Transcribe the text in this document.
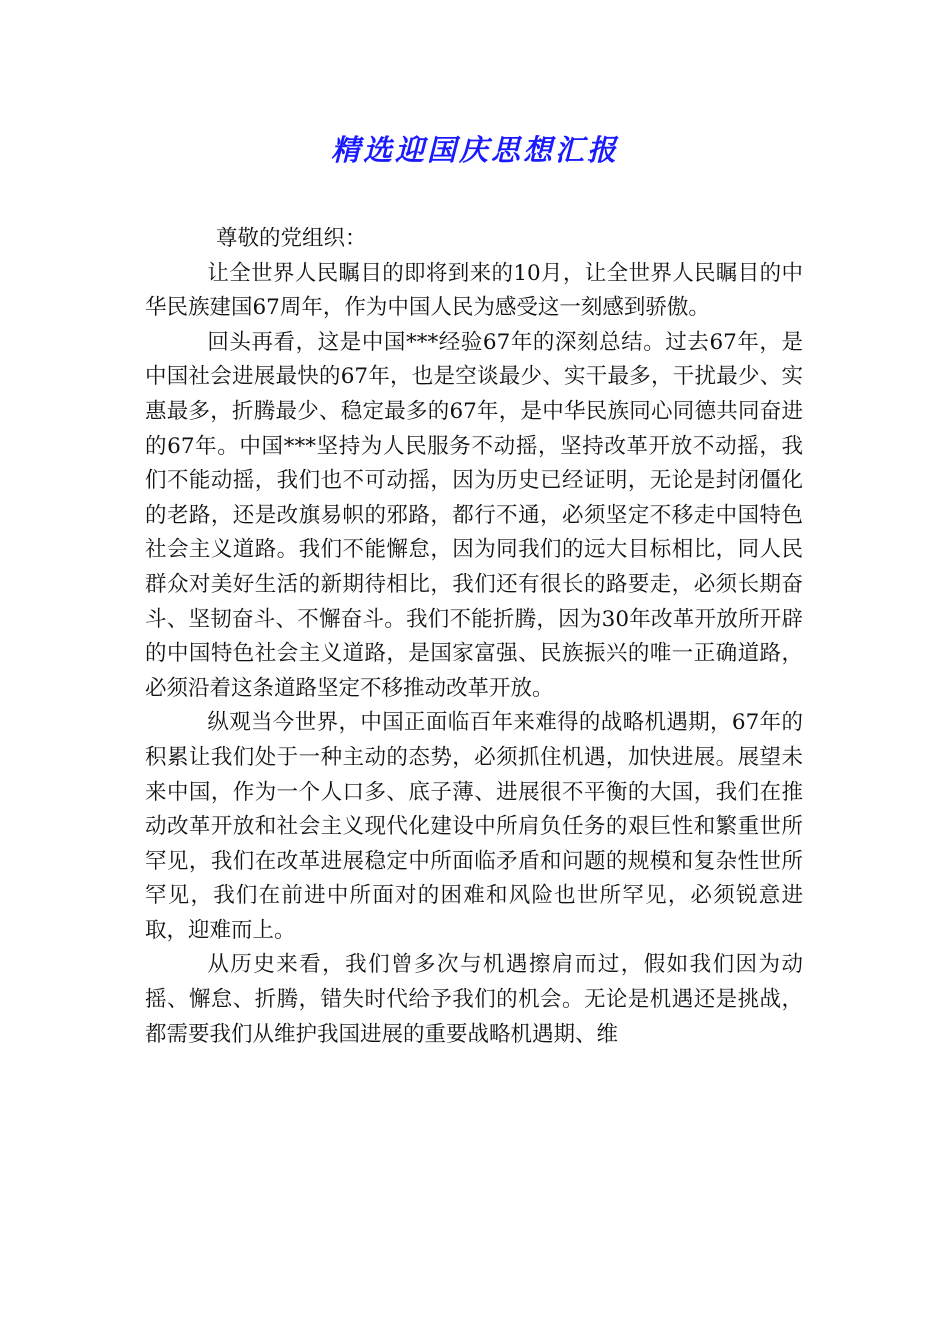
精选迎国庆思想汇报

尊敬的党组织：

让全世界人民瞩目的即将到来的10月，让全世界人民瞩目的中华民族建国67周年，作为中国人民为感受这一刻感到骄傲。

回头再看，这是中国***经验67年的深刻总结。过去67年，是中国社会进展最快的67年，也是空谈最少、实干最多，干扰最少、实惠最多，折腾最少、稳定最多的67年，是中华民族同心同德共同奋进的67年。中国***坚持为人民服务不动摇，坚持改革开放不动摇，我们不能动摇，我们也不可动摇，因为历史已经证明，无论是封闭僵化的老路，还是改旗易帜的邪路，都行不通，必须坚定不移走中国特色社会主义道路。我们不能懈怠，因为同我们的远大目标相比，同人民群众对美好生活的新期待相比，我们还有很长的路要走，必须长期奋斗、坚韧奋斗、不懈奋斗。我们不能折腾，因为30年改革开放所开辟的中国特色社会主义道路，是国家富强、民族振兴的唯一正确道路，必须沿着这条道路坚定不移推动改革开放。

纵观当今世界，中国正面临百年来难得的战略机遇期，67年的积累让我们处于一种主动的态势，必须抓住机遇，加快进展。展望未来中国，作为一个人口多、底子薄、进展很不平衡的大国，我们在推动改革开放和社会主义现代化建设中所肩负任务的艰巨性和繁重世所罕见，我们在改革进展稳定中所面临矛盾和问题的规模和复杂性世所罕见，我们在前进中所面对的困难和风险也世所罕见，必须锐意进取，迎难而上。

从历史来看，我们曾多次与机遇擦肩而过，假如我们因为动摇、懈怠、折腾，错失时代给予我们的机会。无论是机遇还是挑战，都需要我们从维护我国进展的重要战略机遇期、维
